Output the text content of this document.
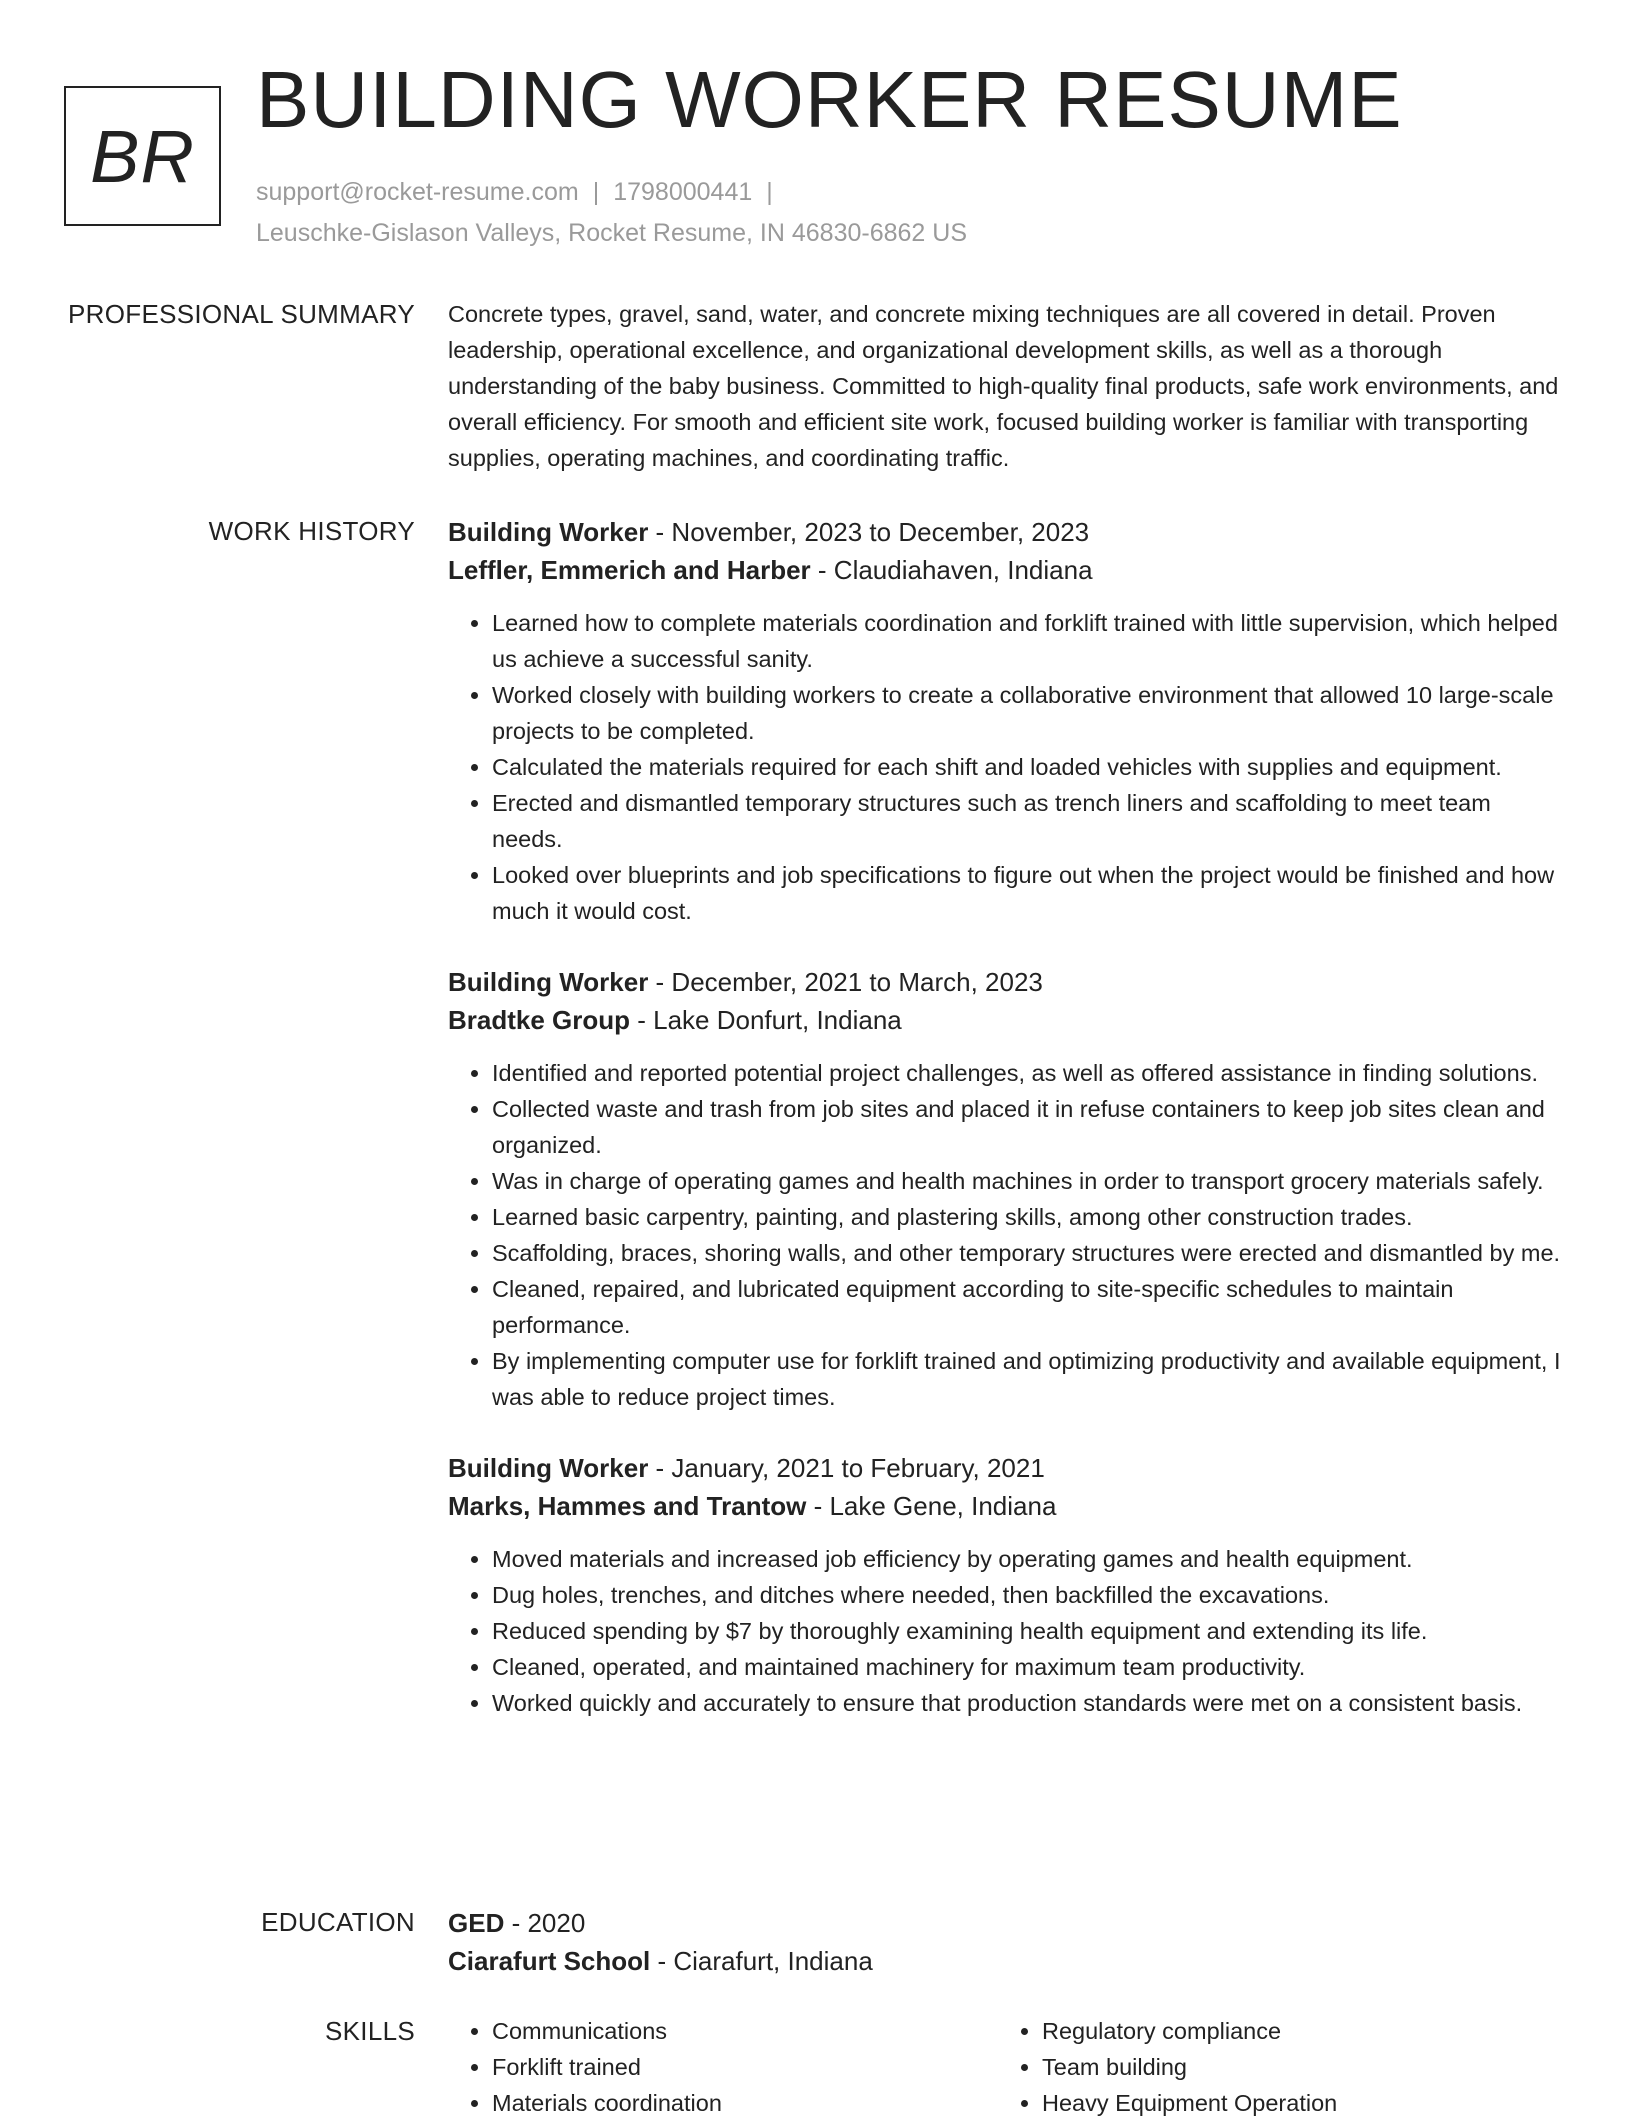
BR
BUILDING WORKER RESUME
support@rocket-resume.com | 1798000441 |
Leuschke-Gislason Valleys, Rocket Resume, IN 46830-6862 US
PROFESSIONAL SUMMARY Concrete types, gravel, sand, water, and concrete mixing techniques are all covered in detail. Proven leadership, operational excellence, and organizational development skills, as well as a thorough understanding of the baby business. Committed to high-quality final products, safe work environments, and overall efficiency. For smooth and efficient site work, focused building worker is familiar with transporting supplies, operating machines, and coordinating traffic.

WORK HISTORY Building Worker - November, 2023 to December, 2023
Leffler, Emmerich and Harber - Claudiahaven, Indiana
• Learned how to complete materials coordination and forklift trained with little supervision, which helped us achieve a successful sanity.
• Worked closely with building workers to create a collaborative environment that allowed 10 large-scale projects to be completed.
• Calculated the materials required for each shift and loaded vehicles with supplies and equipment.
• Erected and dismantled temporary structures such as trench liners and scaffolding to meet team needs.
• Looked over blueprints and job specifications to figure out when the project would be finished and how much it would cost.
Building Worker - December, 2021 to March, 2023
Bradtke Group - Lake Donfurt, Indiana
• Identified and reported potential project challenges, as well as offered assistance in finding solutions.
• Collected waste and trash from job sites and placed it in refuse containers to keep job sites clean and organized.
• Was in charge of operating games and health machines in order to transport grocery materials safely.
• Learned basic carpentry, painting, and plastering skills, among other construction trades.
• Scaffolding, braces, shoring walls, and other temporary structures were erected and dismantled by me.
• Cleaned, repaired, and lubricated equipment according to site-specific schedules to maintain performance.
• By implementing computer use for forklift trained and optimizing productivity and available equipment, I was able to reduce project times.
Building Worker - January, 2021 to February, 2021
Marks, Hammes and Trantow - Lake Gene, Indiana
• Moved materials and increased job efficiency by operating games and health equipment.
• Dug holes, trenches, and ditches where needed, then backfilled the excavations.
• Reduced spending by $7 by thoroughly examining health equipment and extending its life.
• Cleaned, operated, and maintained machinery for maximum team productivity.
• Worked quickly and accurately to ensure that production standards were met on a consistent basis.
EDUCATION GED - 2020
Ciarafurt School - Ciarafurt, Indiana
SKILLS
•	Communications
• Forklift trained
• Materials coordination
• Regulatory compliance
• Team building
• Heavy Equipment Operation
